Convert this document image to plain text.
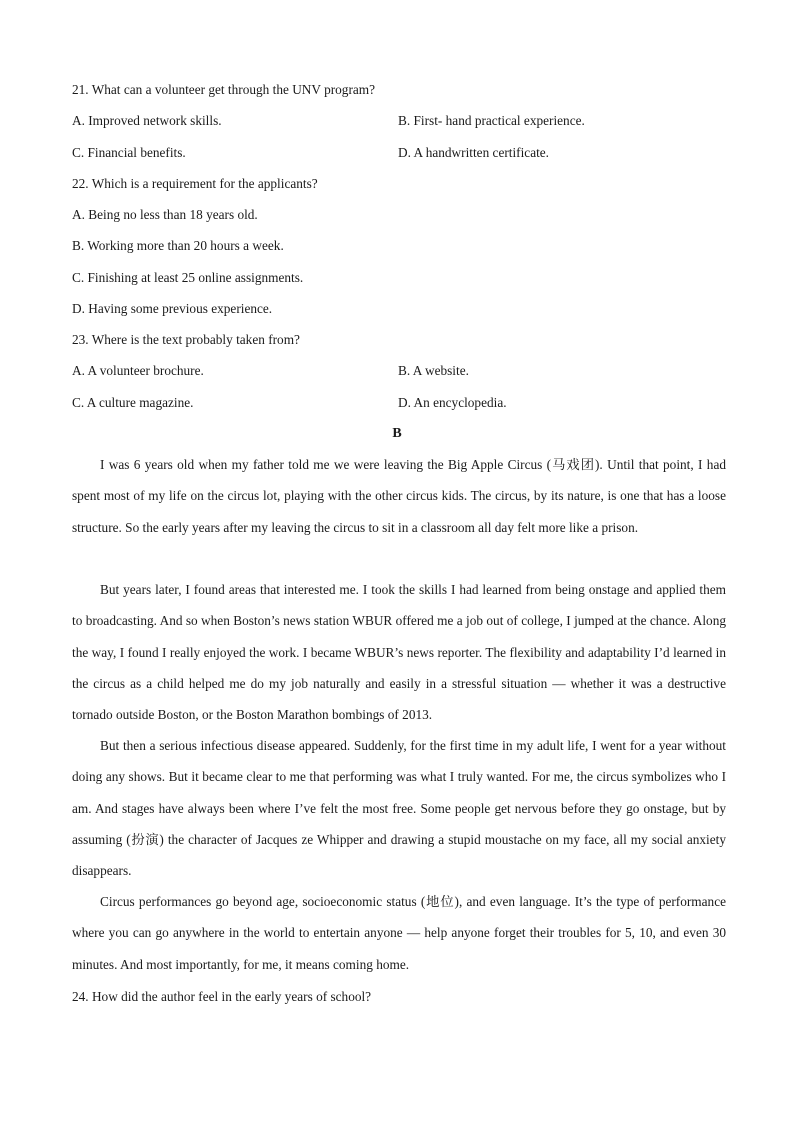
21. What can a volunteer get through the UNV program?
A. Improved network skills.	B. First- hand practical experience.
C. Financial benefits.	D. A handwritten certificate.
22. Which is a requirement for the applicants?
A. Being no less than 18 years old.
B. Working more than 20 hours a week.
C. Finishing at least 25 online assignments.
D. Having some previous experience.
23. Where is the text probably taken from?
A. A volunteer brochure.	B. A website.
C. A culture magazine.	D. An encyclopedia.
B

I was 6 years old when my father told me we were leaving the Big Apple Circus (马戏团). Until that point, I had spent most of my life on the circus lot, playing with the other circus kids. The circus, by its nature, is one that has a loose structure. So the early years after my leaving the circus to sit in a classroom all day felt more like a prison.

But years later, I found areas that interested me. I took the skills I had learned from being onstage and applied them to broadcasting. And so when Boston’s news station WBUR offered me a job out of college, I jumped at the chance. Along the way, I found I really enjoyed the work. I became WBUR’s news reporter. The flexibility and adaptability I’d learned in the circus as a child helped me do my job naturally and easily in a stressful situation — whether it was a destructive tornado outside Boston, or the Boston Marathon bombings of 2013.

But then a serious infectious disease appeared. Suddenly, for the first time in my adult life, I went for a year without doing any shows. But it became clear to me that performing was what I truly wanted. For me, the circus symbolizes who I am. And stages have always been where I’ve felt the most free. Some people get nervous before they go onstage, but by assuming (扮演) the character of Jacques ze Whipper and drawing a stupid moustache on my face, all my social anxiety disappears.

Circus performances go beyond age, socioeconomic status (地位), and even language. It’s the type of performance where you can go anywhere in the world to entertain anyone — help anyone forget their troubles for 5, 10, and even 30 minutes. And most importantly, for me, it means coming home.

24. How did the author feel in the early years of school?
